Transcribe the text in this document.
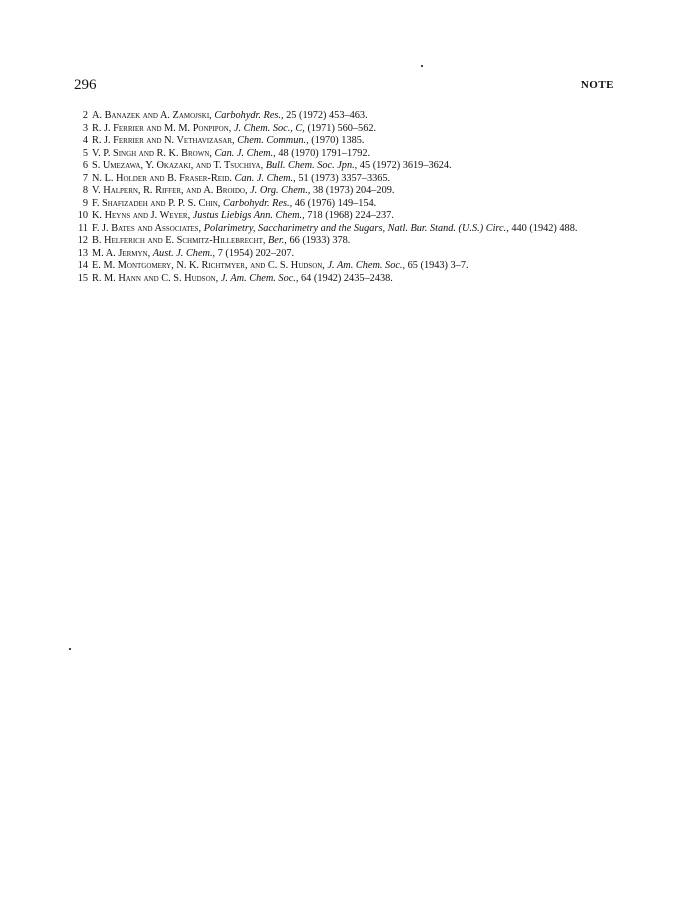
296	NOTE
2 A. Banazek and A. Zamojski, Carbohydr. Res., 25 (1972) 453–463.
3 R. J. Ferrier and M. M. Ponpipon, J. Chem. Soc., C, (1971) 560–562.
4 R. J. Ferrier and N. Vethavizasar, Chem. Commun., (1970) 1385.
5 V. P. Singh and R. K. Brown, Can. J. Chem., 48 (1970) 1791–1792.
6 S. Umezawa, Y. Okazaki, and T. Tsuchiya, Bull. Chem. Soc. Jpn., 45 (1972) 3619–3624.
7 N. L. Holder and B. Fraser-Reid. Can. J. Chem., 51 (1973) 3357–3365.
8 V. Halpern, R. Riffer, and A. Broido, J. Org. Chem., 38 (1973) 204–209.
9 F. Shafizadeh and P. P. S. Chin, Carbohydr. Res., 46 (1976) 149–154.
10 K. Heyns and J. Weyer, Justus Liebigs Ann. Chem., 718 (1968) 224–237.
11 F. J. Bates and Associates, Polarimetry, Saccharimetry and the Sugars, Natl. Bur. Stand. (U.S.) Circ., 440 (1942) 488.
12 B. Helferich and E. Schmitz-Hillebrecht, Ber., 66 (1933) 378.
13 M. A. Jermyn, Aust. J. Chem., 7 (1954) 202–207.
14 E. M. Montgomery, N. K. Richtmyer, and C. S. Hudson, J. Am. Chem. Soc., 65 (1943) 3–7.
15 R. M. Hann and C. S. Hudson, J. Am. Chem. Soc., 64 (1942) 2435–2438.
